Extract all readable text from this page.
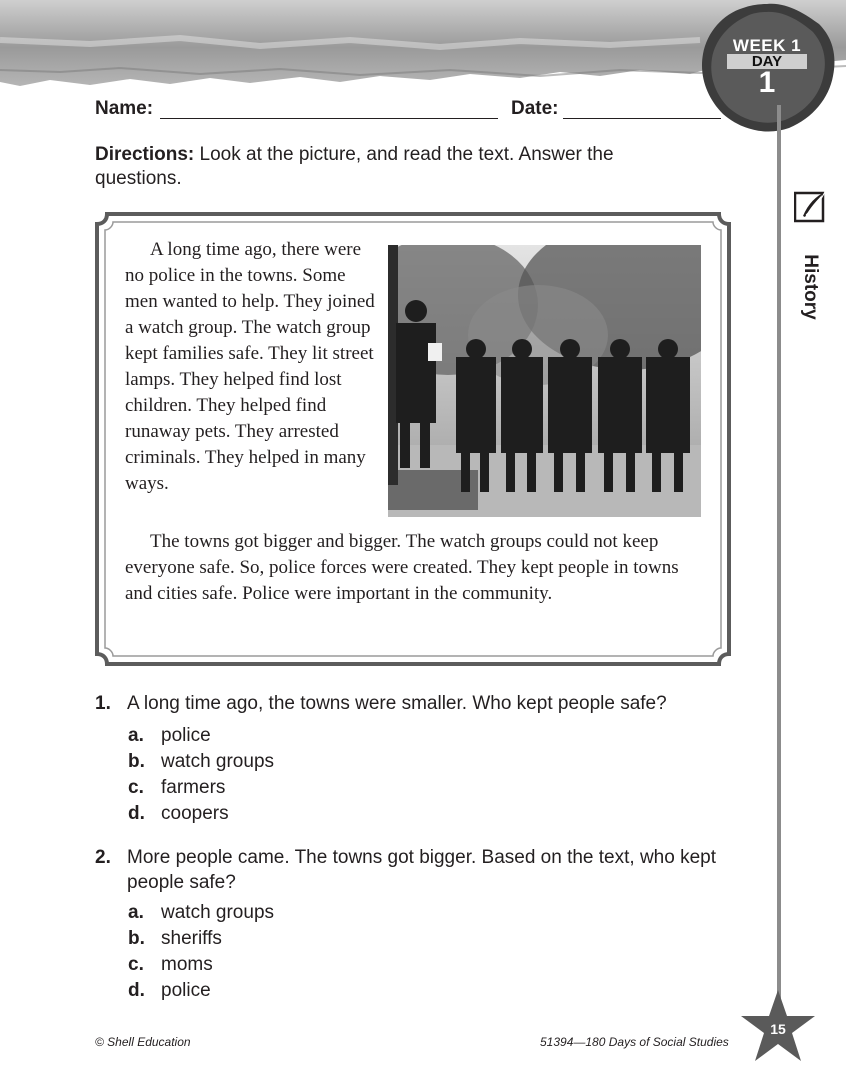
WEEK 1
DAY
1
History
Name:	Date:
Directions: Look at the picture, and read the text. Answer the questions.
A long time ago, there were no police in the towns. Some men wanted to help. They joined a watch group. The watch group kept families safe. They lit street lamps. They helped find lost children. They helped find runaway pets. They arrested criminals. They helped in many ways.
The towns got bigger and bigger. The watch groups could not keep everyone safe. So, police forces were created. They kept people in towns and cities safe. Police were important in the community.
1. A long time ago, the towns were smaller. Who kept people safe?
a. police
b. watch groups
c. farmers
d. coopers
2. More people came. The towns got bigger. Based on the text, who kept people safe?
a. watch groups
b. sheriffs
c. moms
d. police
© Shell Education	51394—180 Days of Social Studies
15
